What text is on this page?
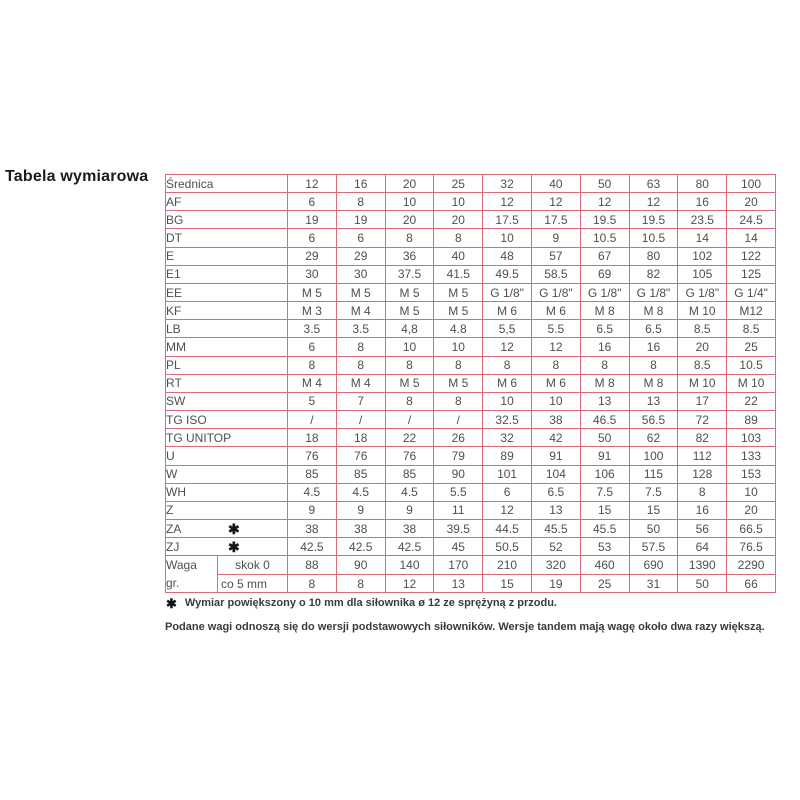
Tabela wymiarowa Średnica		12	16	20	25	32	40	50	63	80	100
AF		6	8	10	10	12	12	12	12	16	20
BG		19	19	20	20	17.5	17.5	19.5	19.5	23.5	24.5
DT		6	6	8	8	10	9	10.5	10.5	14	14
E		29	29	36	40	48	57	67	80	102	122
E1		30	30	37.5	41.5	49.5	58.5	69	82	105	125
EE		M 5	M 5	M 5	M 5	G 1/8"	G 1/8"	G 1/8"	G 1/8"	G 1/8"	G 1/4"
KF		M 3	M 4	M 5	M 5	M 6	M 6	M 8	M 8	M 10	M12
LB		3.5	3.5	4,8	4.8	5,5	5.5	6.5	6.5	8.5	8.5
MM		6	8	10	10	12	12	16	16	20	25
PL		8	8	8	8	8	8	8	8	8.5	10.5
RT		M 4	M 4	M 5	M 5	M 6	M 6	M 8	M 8	M 10	M 10
SW		5	7	8	8	10	10	13	13	17	22
TG ISO		/	/	/	/	32.5	38	46.5	56.5	72	89
TG UNITOP		18	18	22	26	32	42	50	62	82	103
U		76	76	76	79	89	91	91	100	112	133
W		85	85	85	90	101	104	106	115	128	153
WH		4.5	4.5	4.5	5.5	6	6.5	7.5	7.5	8	10
Z		9	9	9	11	12	13	15	15	16	20
ZA ✱		38	38	38	39.5	44.5	45.5	45.5	50	56	66.5
ZJ ✱		42.5	42.5	42.5	45	50.5	52	53	57.5	64	76.5

Waga
gr.	skok 0	88	90	140	170	210	320	460	690	1390	2290
	co 5 mm	8	8	12	13	15	19	25	31	50	66
✱ Wymiar powiększony o 10 mm dla siłownika ø 12 ze sprężyną z przodu.
Podane wagi odnoszą się do wersji podstawowych siłowników. Wersje tandem mają wagę około dwa razy większą.
